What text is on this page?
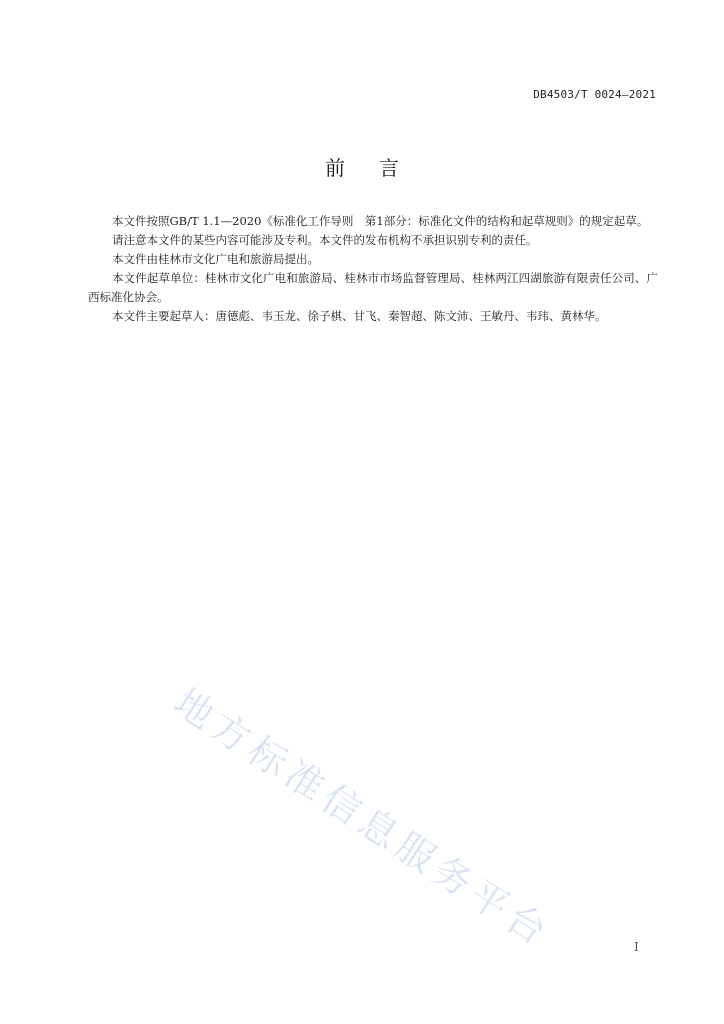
DB4503/T 0024—2021
前言

本文件按照GB/T 1.1—2020《标准化工作导则　第1部分：标准化文件的结构和起草规则》的规定起草。

请注意本文件的某些内容可能涉及专利。本文件的发布机构不承担识别专利的责任。

本文件由桂林市文化广电和旅游局提出。

本文件起草单位：桂林市文化广电和旅游局、桂林市市场监督管理局、桂林两江四湖旅游有限责任公司、广西标准化协会。

本文件主要起草人：唐德彪、韦玉龙、徐子棋、甘飞、秦智超、陈文沛、王敏丹、韦玮、黄林华。

地方标准信息服务平台	I
